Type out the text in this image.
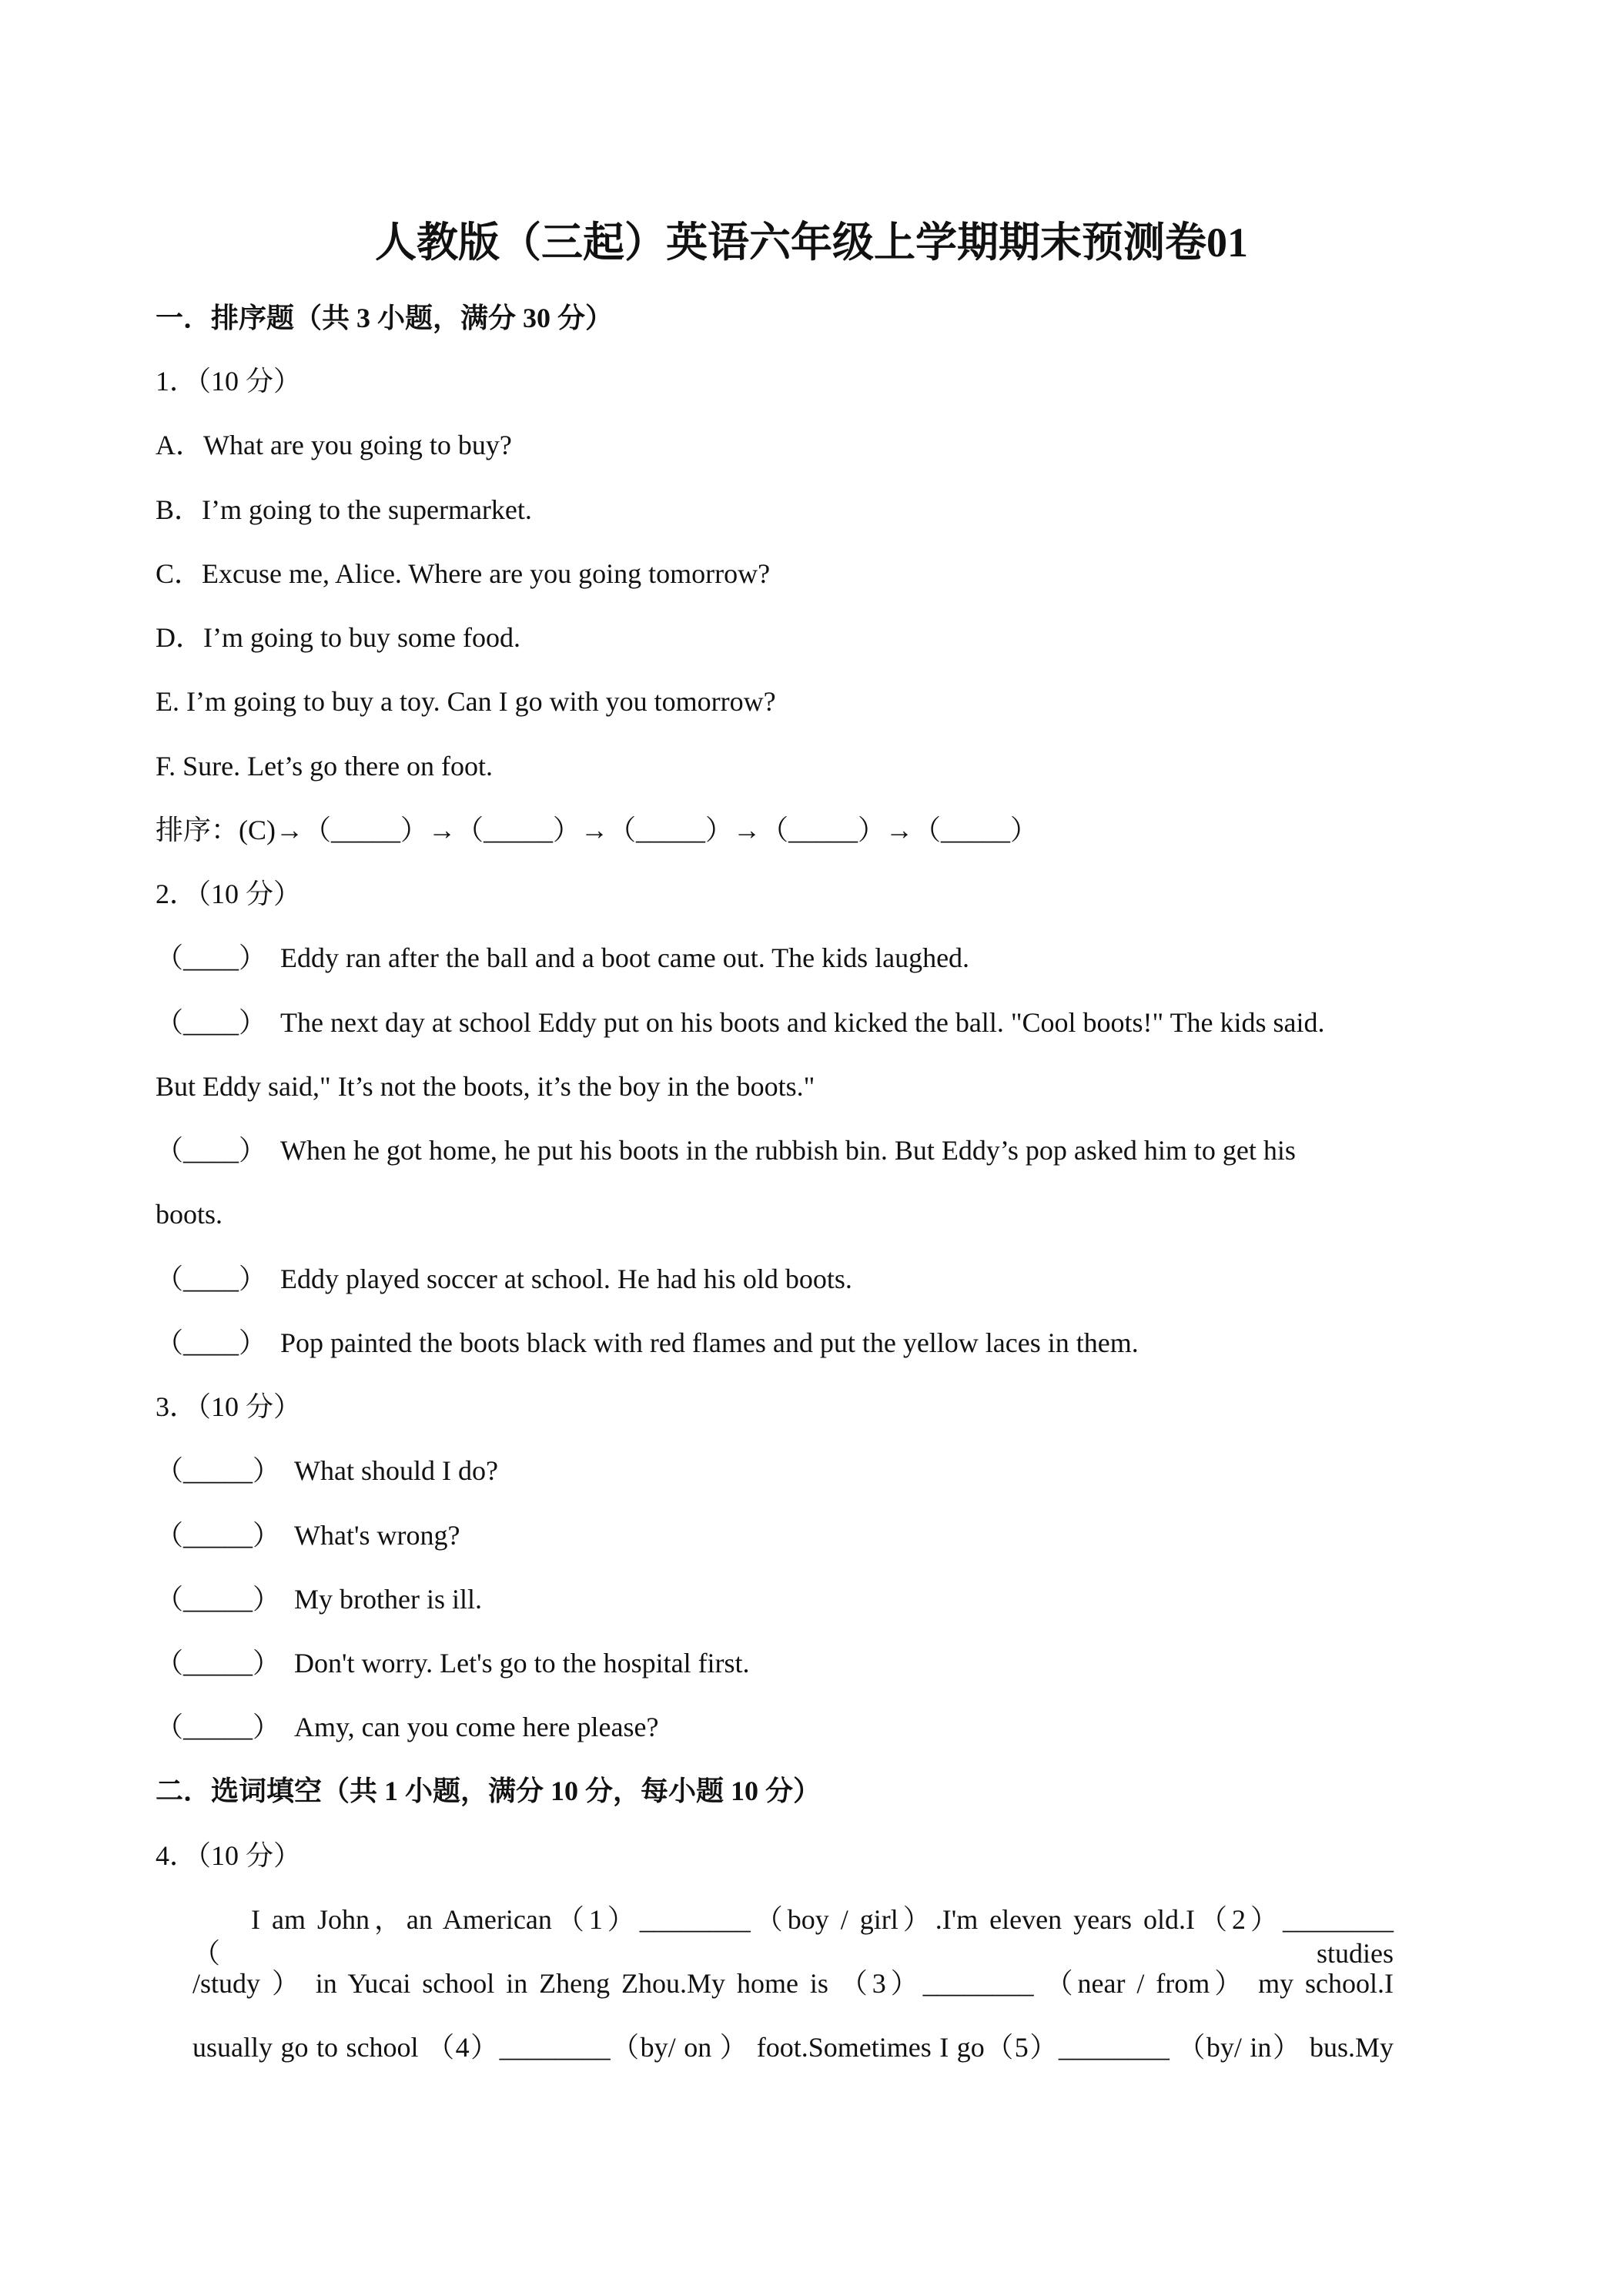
人教版（三起）英语六年级上学期期末预测卷01
一．排序题（共 3 小题，满分 30 分）
1．（10 分）
A．What are you going to buy?
B．I’m going to the supermarket.
C．Excuse me, Alice. Where are you going tomorrow?
D．I’m going to buy some food.
E. I’m going to buy a toy. Can I go with you tomorrow?
F. Sure. Let’s go there on foot.
排序：(C)→（_____）→（_____）→（_____）→（_____）→（_____）
2．（10 分）
（____）  Eddy ran after the ball and a boot came out. The kids laughed.
（____）  The next day at school Eddy put on his boots and kicked the ball. "Cool boots!" The kids said.
But Eddy said," It’s not the boots, it’s the boy in the boots."
（____）  When he got home, he put his boots in the rubbish bin. But Eddy’s pop asked him to get his
boots.
（____）  Eddy played soccer at school. He had his old boots.
（____）  Pop painted the boots black with red flames and put the yellow laces in them.
3．（10 分）
（_____）  What should I do?
（_____）  What's wrong?
（_____）  My brother is ill.
（_____）  Don't worry. Let's go to the hospital first.
（_____）  Amy, can you come here please?
二．选词填空（共 1 小题，满分 10 分，每小题 10 分）
4．（10 分）
I am John，an American（1）________（boy / girl）.I'm eleven years old.I（2）________ （studies
/study ） in Yucai school in Zheng Zhou.My home is （3）________ （near / from） my school.I
usually go to school （4）________（by/ on ） foot.Sometimes I go（5）________ （by/ in） bus.My
